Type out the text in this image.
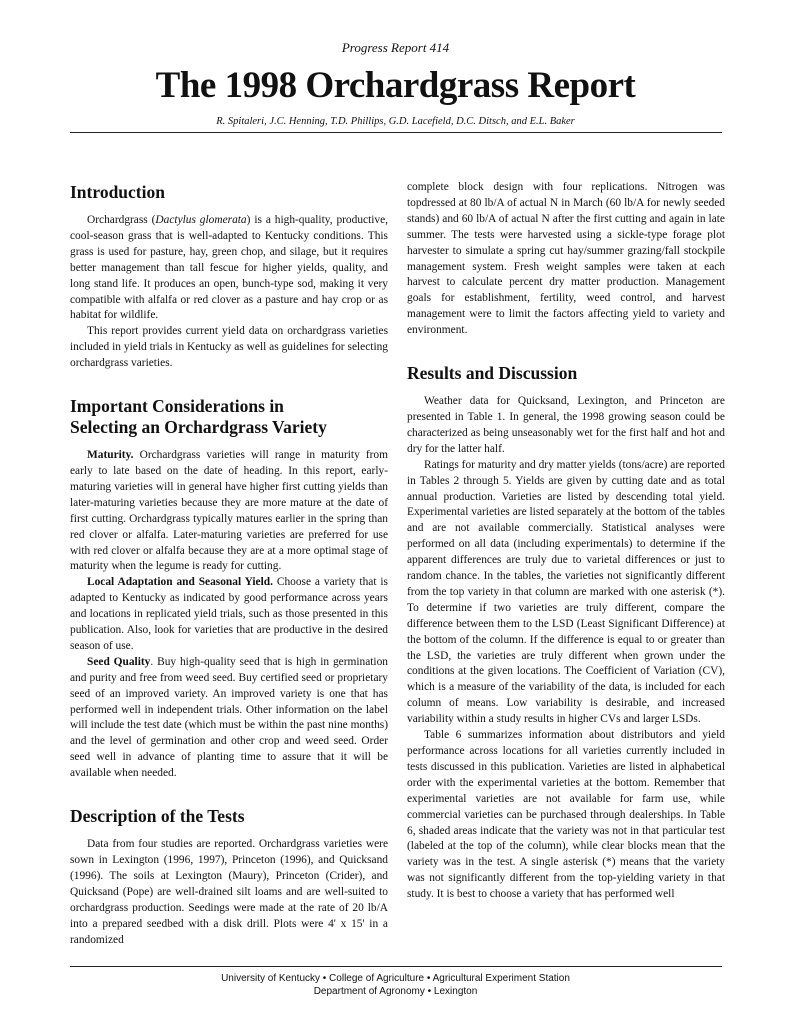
Progress Report 414
The 1998 Orchardgrass Report
R. Spitaleri, J.C. Henning, T.D. Phillips, G.D. Lacefield, D.C. Ditsch, and E.L. Baker
Introduction

Orchardgrass (Dactylus glomerata) is a high-quality, productive, cool-season grass that is well-adapted to Kentucky conditions. This grass is used for pasture, hay, green chop, and silage, but it requires better management than tall fescue for higher yields, quality, and long stand life. It produces an open, bunch-type sod, making it very compatible with alfalfa or red clover as a pasture and hay crop or as habitat for wildlife.

This report provides current yield data on orchardgrass varieties included in yield trials in Kentucky as well as guidelines for selecting orchardgrass varieties.

Important Considerations in
Selecting an Orchardgrass Variety

Maturity. Orchardgrass varieties will range in maturity from early to late based on the date of heading. In this report, early-maturing varieties will in general have higher first cutting yields than later-maturing varieties because they are more mature at the date of first cutting. Orchardgrass typically matures earlier in the spring than red clover or alfalfa. Later-maturing varieties are preferred for use with red clover or alfalfa because they are at a more optimal stage of maturity when the legume is ready for cutting.

Local Adaptation and Seasonal Yield. Choose a variety that is adapted to Kentucky as indicated by good performance across years and locations in replicated yield trials, such as those presented in this publication. Also, look for varieties that are productive in the desired season of use.

Seed Quality. Buy high-quality seed that is high in germination and purity and free from weed seed. Buy certified seed or proprietary seed of an improved variety. An improved variety is one that has performed well in independent trials. Other information on the label will include the test date (which must be within the past nine months) and the level of germination and other crop and weed seed. Order seed well in advance of planting time to assure that it will be available when needed.

Description of the Tests

Data from four studies are reported. Orchardgrass varieties were sown in Lexington (1996, 1997), Princeton (1996), and Quicksand (1996). The soils at Lexington (Maury), Princeton (Crider), and Quicksand (Pope) are well-drained silt loams and are well-suited to orchardgrass production. Seedings were made at the rate of 20 lb/A into a prepared seedbed with a disk drill. Plots were 4' x 15' in a randomized

complete block design with four replications. Nitrogen was topdressed at 80 lb/A of actual N in March (60 lb/A for newly seeded stands) and 60 lb/A of actual N after the first cutting and again in late summer. The tests were harvested using a sickle-type forage plot harvester to simulate a spring cut hay/summer grazing/fall stockpile management system. Fresh weight samples were taken at each harvest to calculate percent dry matter production. Management goals for establishment, fertility, weed control, and harvest management were to limit the factors affecting yield to variety and environment.

Results and Discussion

Weather data for Quicksand, Lexington, and Princeton are presented in Table 1. In general, the 1998 growing season could be characterized as being unseasonably wet for the first half and hot and dry for the latter half.

Ratings for maturity and dry matter yields (tons/acre) are reported in Tables 2 through 5. Yields are given by cutting date and as total annual production. Varieties are listed by descending total yield. Experimental varieties are listed separately at the bottom of the tables and are not available commercially. Statistical analyses were performed on all data (including experimentals) to determine if the apparent differences are truly due to varietal differences or just to random chance. In the tables, the varieties not significantly different from the top variety in that column are marked with one asterisk (*). To determine if two varieties are truly different, compare the difference between them to the LSD (Least Significant Difference) at the bottom of the column. If the difference is equal to or greater than the LSD, the varieties are truly different when grown under the conditions at the given locations. The Coefficient of Variation (CV), which is a measure of the variability of the data, is included for each column of means. Low variability is desirable, and increased variability within a study results in higher CVs and larger LSDs.

Table 6 summarizes information about distributors and yield performance across locations for all varieties currently included in tests discussed in this publication. Varieties are listed in alphabetical order with the experimental varieties at the bottom. Remember that experimental varieties are not available for farm use, while commercial varieties can be purchased through dealerships. In Table 6, shaded areas indicate that the variety was not in that particular test (labeled at the top of the column), while clear blocks mean that the variety was in the test. A single asterisk (*) means that the variety was not significantly different from the top-yielding variety in that study. It is best to choose a variety that has performed well

University of Kentucky • College of Agriculture • Agricultural Experiment Station
Department of Agronomy • Lexington
